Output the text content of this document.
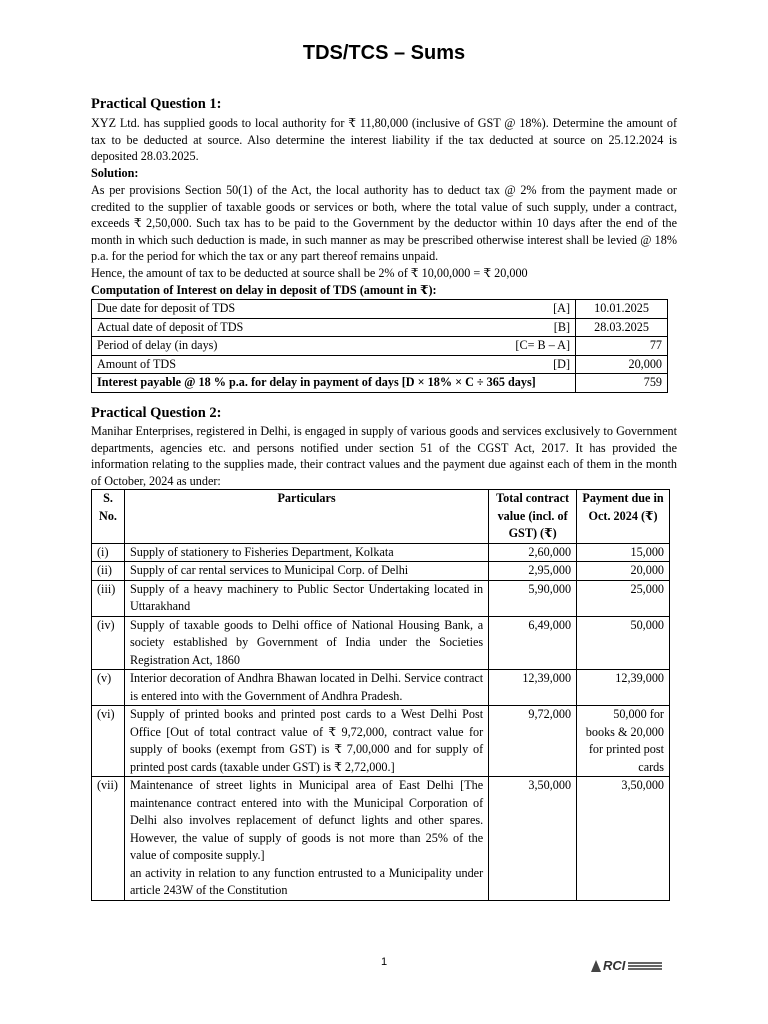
TDS/TCS – Sums
Practical Question 1:
XYZ Ltd. has supplied goods to local authority for ₹ 11,80,000 (inclusive of GST @ 18%). Determine the amount of tax to be deducted at source. Also determine the interest liability if the tax deducted at source on 25.12.2024 is deposited 28.03.2025.
Solution:
As per provisions Section 50(1) of the Act, the local authority has to deduct tax @ 2% from the payment made or credited to the supplier of taxable goods or services or both, where the total value of such supply, under a contract, exceeds ₹ 2,50,000. Such tax has to be paid to the Government by the deductor within 10 days after the end of the month in which such deduction is made, in such manner as may be prescribed otherwise interest shall be levied @ 18% p.a. for the period for which the tax or any part thereof remains unpaid.
Hence, the amount of tax to be deducted at source shall be 2% of ₹ 10,00,000 = ₹ 20,000
Computation of Interest on delay in deposit of TDS (amount in ₹):
Due date for deposit of TDS [A]	10.01.2025
Actual date of deposit of TDS [B]	28.03.2025
Period of delay (in days) [C= B – A]	77
Amount of TDS [D]	20,000
Interest payable @ 18 % p.a. for delay in payment of days [D × 18% × C ÷ 365 days]	759
Practical Question 2:
Manihar Enterprises, registered in Delhi, is engaged in supply of various goods and services exclusively to Government departments, agencies etc. and persons notified under section 51 of the CGST Act, 2017. It has provided the information relating to the supplies made, their contract values and the payment due against each of them in the month of October, 2024 as under:
S. No.	Particulars	Total contract value (incl. of GST) (₹)	Payment due in Oct. 2024 (₹)
(i)	Supply of stationery to Fisheries Department, Kolkata	2,60,000	15,000
(ii)	Supply of car rental services to Municipal Corp. of Delhi	2,95,000	20,000
(iii)	Supply of a heavy machinery to Public Sector Undertaking located in Uttarakhand	5,90,000	25,000
(iv)	Supply of taxable goods to Delhi office of National Housing Bank, a society established by Government of India under the Societies Registration Act, 1860	6,49,000	50,000
(v)	Interior decoration of Andhra Bhawan located in Delhi. Service contract is entered into with the Government of Andhra Pradesh.	12,39,000	12,39,000
(vi)	Supply of printed books and printed post cards to a West Delhi Post Office [Out of total contract value of ₹ 9,72,000, contract value for supply of books (exempt from GST) is ₹ 7,00,000 and for supply of printed post cards (taxable under GST) is ₹ 2,72,000.]	9,72,000	50,000 for books & 20,000 for printed post cards
(vii)	Maintenance of street lights in Municipal area of East Delhi [The maintenance contract entered into with the Municipal Corporation of Delhi also involves replacement of defunct lights and other spares. However, the value of supply of goods is not more than 25% of the value of composite supply.]
an activity in relation to any function entrusted to a Municipality under article 243W of the Constitution	3,50,000	3,50,000
1	RCI
